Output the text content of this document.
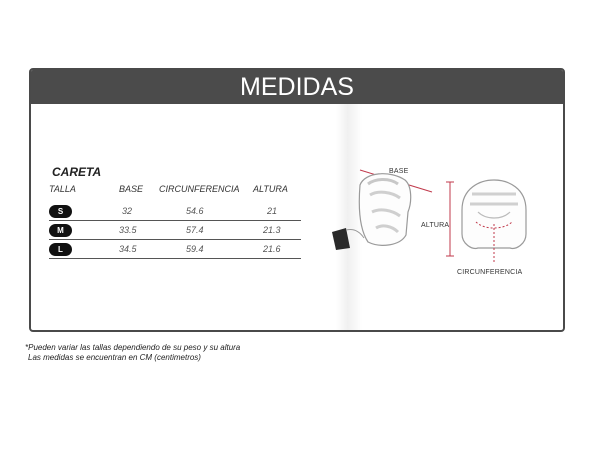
MEDIDAS
CARETA
TALLA	BASE CIRCUNFERENCIA ALTURA
S	32	54.6	21
M	33.5	57.4	21.3
L	34.5	59.4	21.6
BASE
ALTURA
CIRCUNFERENCIA
*Pueden variar las tallas dependiendo de su peso y su altura
Las medidas se encuentran en CM (centimetros)
